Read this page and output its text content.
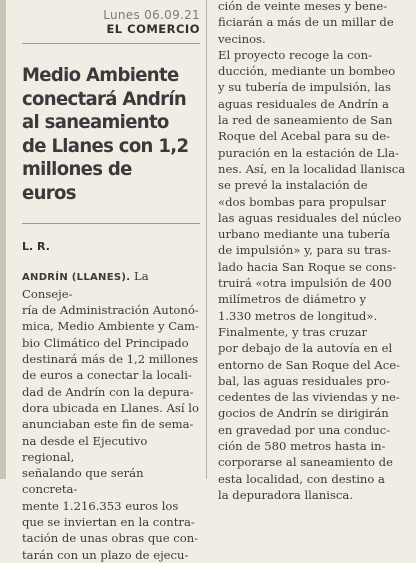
Lunes 06.09.21

EL COMERCIO

Medio Ambiente
conectará Andrín
al saneamiento
de Llanes con 1,2
millones de euros

L. R.

ANDRÍN (LLANES). La Conseje-
ría de Administración Autonó-
mica, Medio Ambiente y Cam-
bio Climático del Principado
destinará más de 1,2 millones
de euros a conectar la locali-
dad de Andrín con la depura-
dora ubicada en Llanes. Así lo
anunciaban este fin de sema-
na desde el Ejecutivo regional,
señalando que serán concreta-
mente 1.216.353 euros los
que se inviertan en la contra-
tación de unas obras que con-
tarán con un plazo de ejecu-

ción de veinte meses y bene-
ficiarán a más de un millar de
vecinos.
El proyecto recoge la con-
ducción, mediante un bombeo
y su tubería de impulsión, las
aguas residuales de Andrín a
la red de saneamiento de San
Roque del Acebal para su de-
puración en la estación de Lla-
nes. Así, en la localidad llanisca
se prevé la instalación de
«dos bombas para propulsar
las aguas residuales del núcleo
urbano mediante una tubería
de impulsión» y, para su tras-
lado hacia San Roque se cons-
truirá «otra impulsión de 400
milímetros de diámetro y
1.330 metros de longitud».
Finalmente, y tras cruzar
por debajo de la autovía en el
entorno de San Roque del Ace-
bal, las aguas residuales pro-
cedentes de las viviendas y ne-
gocios de Andrín se dirigirán
en gravedad por una conduc-
ción de 580 metros hasta in-
corporarse al saneamiento de
esta localidad, con destino a
la depuradora llanisca.
